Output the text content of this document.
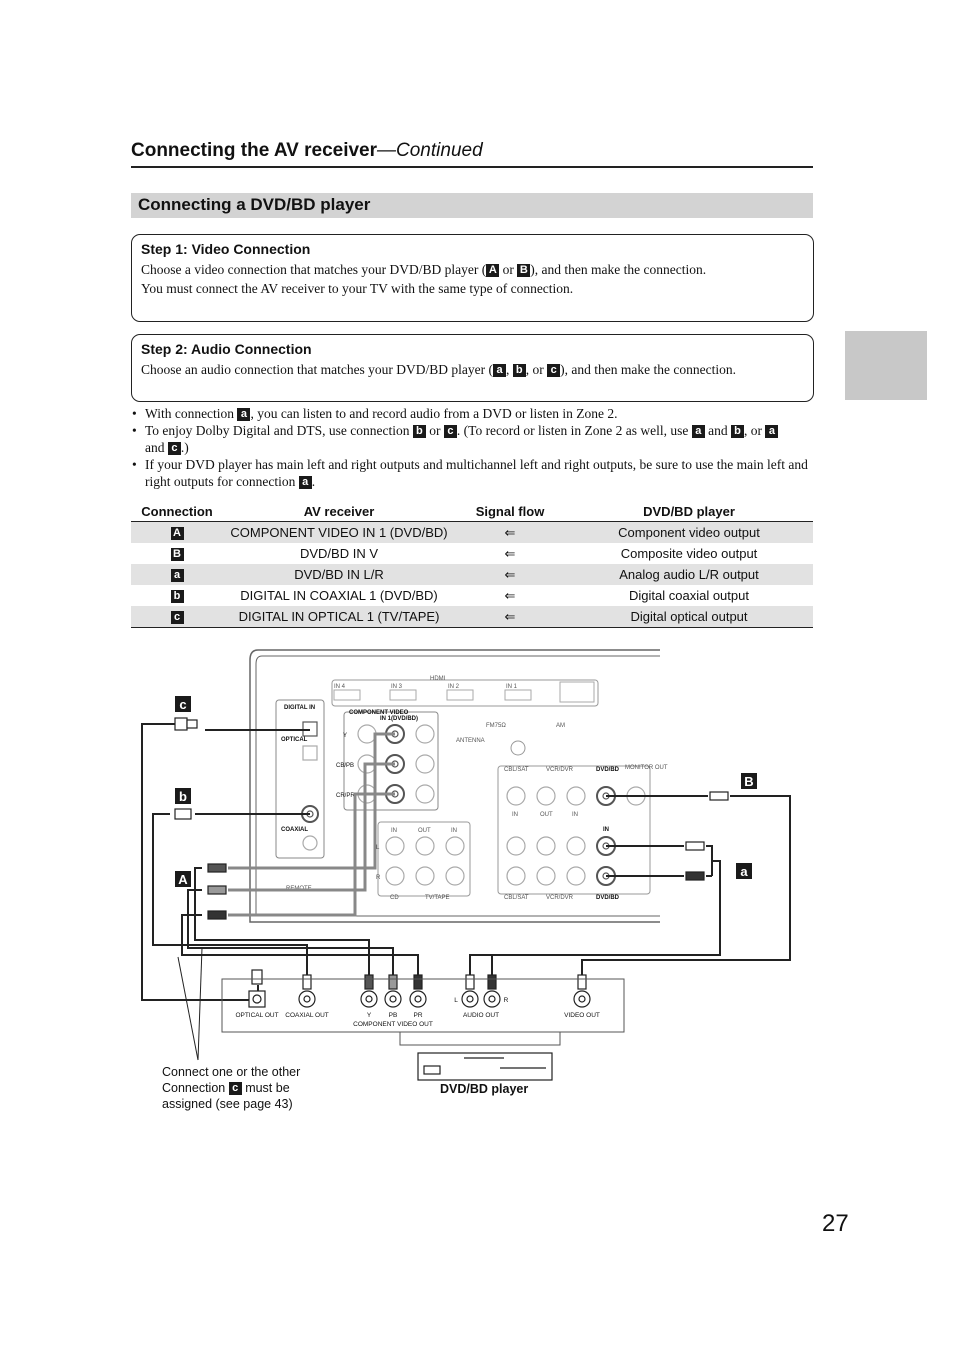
Connecting the AV receiver—Continued
Connecting a DVD/BD player
Step 1: Video Connection

Choose a video connection that matches your DVD/BD player ( A or B ), and then make the connection.
You must connect the AV receiver to your TV with the same type of connection.

Step 2: Audio Connection

Choose an audio connection that matches your DVD/BD player ( a , b , or c ), and then make the connection.

• With connection a , you can listen to and record audio from a DVD or listen in Zone 2.
• To enjoy Dolby Digital and DTS, use connection b or c . (To record or listen in Zone 2 as well, use a and b , or a
and c .)
• If your DVD player has main left and right outputs and multichannel left and right outputs, be sure to use the main left and right outputs for connection a .
Connection	AV receiver	Signal flow	DVD/BD player
A	COMPONENT VIDEO IN 1 (DVD/BD)	⇐	Component video output
B	DVD/BD IN V	⇐	Composite video output
a	DVD/BD IN L/R	⇐	Analog audio L/R output
b	DIGITAL IN COAXIAL 1 (DVD/BD)	⇐	Digital coaxial output
c	DIGITAL IN OPTICAL 1 (TV/TAPE)	⇐	Digital optical output
HDMI
IN 4	IN 3	IN 2	IN 1
DIGITAL IN
OPTICAL
COAXIAL
COMPONENT VIDEO
IN 1(DVD/BD)
Y
CB/PB
CR/PR
FM75Ω	AM
ANTENNA
CBL/SAT	VCR/DVR	DVD/BD MONITOR OUT
IN
IN	OUT	IN
IN	OUT	IN
L
R
CD	TV/TAPE	CBL/SAT	VCR/DVR	DVD/BD
REMOTE
c
b
A
B
a
OPTICAL OUT COAXIAL OUT	Y	PB PR
COMPONENT VIDEO OUT
L	R
AUDIO OUT	VIDEO OUT
Connect one or the other
Connection c must be
assigned (see page 43)
DVD/BD player
27
